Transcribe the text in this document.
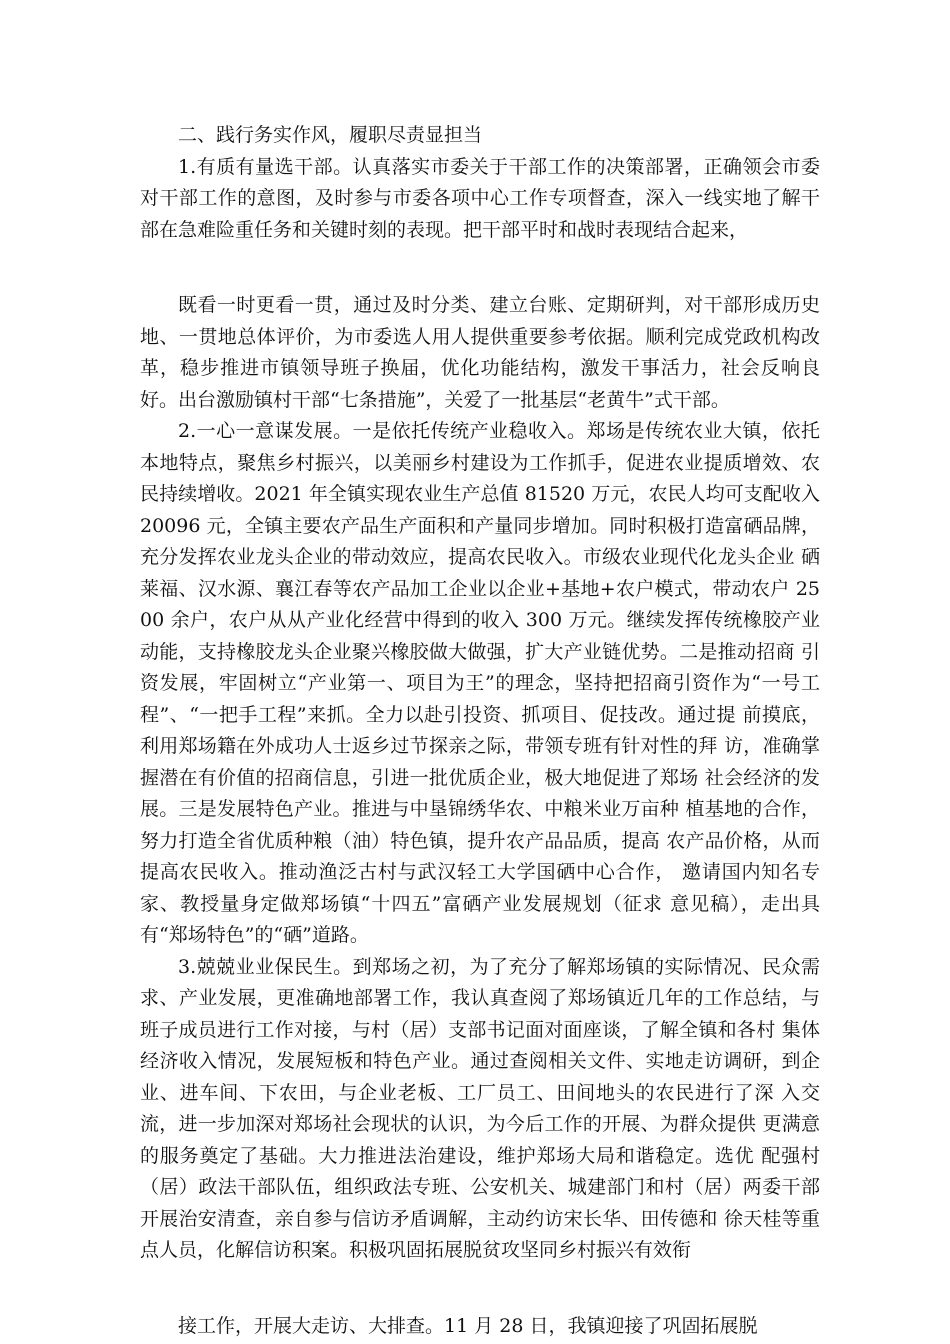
二、践行务实作风，履职尽责显担当

1.有质有量选干部。认真落实市委关于干部工作的决策部署，正确领会市委对干部工作的意图，及时参与市委各项中心工作专项督查，深入一线实地了解干部在急难险重任务和关键时刻的表现。把干部平时和战时表现结合起来，

既看一时更看一贯，通过及时分类、建立台账、定期研判，对干部形成历史地、一贯地总体评价，为市委选人用人提供重要参考依据。顺利完成党政机构改革，稳步推进市镇领导班子换届，优化功能结构，激发干事活力，社会反响良好。出台激励镇村干部“七条措施”，关爱了一批基层“老黄牛”式干部。

2.一心一意谋发展。一是依托传统产业稳收入。郑场是传统农业大镇，依托本地特点，聚焦乡村振兴，以美丽乡村建设为工作抓手，促进农业提质增效、农民持续增收。2021 年全镇实现农业生产总值 81520 万元，农民人均可支配收入 20096 元，全镇主要农产品生产面积和产量同步增加。同时积极打造富硒品牌，充分发挥农业龙头企业的带动效应，提高农民收入。市级农业现代化龙头企业 硒莱福、汉水源、襄江春等农产品加工企业以企业+基地+农户模式，带动农户 2500 余户，农户从从产业化经营中得到的收入 300 万元。继续发挥传统橡胶产业动能，支持橡胶龙头企业聚兴橡胶做大做强，扩大产业链优势。二是推动招商 引资发展，牢固树立“产业第一、项目为王”的理念，坚持把招商引资作为“一号工程”、“一把手工程”来抓。全力以赴引投资、抓项目、促技改。通过提 前摸底，利用郑场籍在外成功人士返乡过节探亲之际，带领专班有针对性的拜 访，准确掌握潜在有价值的招商信息，引进一批优质企业，极大地促进了郑场 社会经济的发展。三是发展特色产业。推进与中垦锦绣华农、中粮米业万亩种 植基地的合作，努力打造全省优质种粮（油）特色镇，提升农产品品质，提高 农产品价格，从而提高农民收入。推动渔泛古村与武汉轻工大学国硒中心合作， 邀请国内知名专家、教授量身定做郑场镇“十四五”富硒产业发展规划（征求 意见稿），走出具有“郑场特色”的“硒”道路。

3.兢兢业业保民生。到郑场之初，为了充分了解郑场镇的实际情况、民众需求、产业发展，更准确地部署工作，我认真查阅了郑场镇近几年的工作总结，与班子成员进行工作对接，与村（居）支部书记面对面座谈，了解全镇和各村 集体经济收入情况，发展短板和特色产业。通过查阅相关文件、实地走访调研，到企业、进车间、下农田，与企业老板、工厂员工、田间地头的农民进行了深 入交流，进一步加深对郑场社会现状的认识，为今后工作的开展、为群众提供 更满意的服务奠定了基础。大力推进法治建设，维护郑场大局和谐稳定。选优 配强村（居）政法干部队伍，组织政法专班、公安机关、城建部门和村（居）两委干部开展治安清查，亲自参与信访矛盾调解，主动约访宋长华、田传德和 徐天桂等重点人员，化解信访积案。积极巩固拓展脱贫攻坚同乡村振兴有效衔

接工作，开展大走访、大排查。11 月 28 日，我镇迎接了巩固拓展脱
